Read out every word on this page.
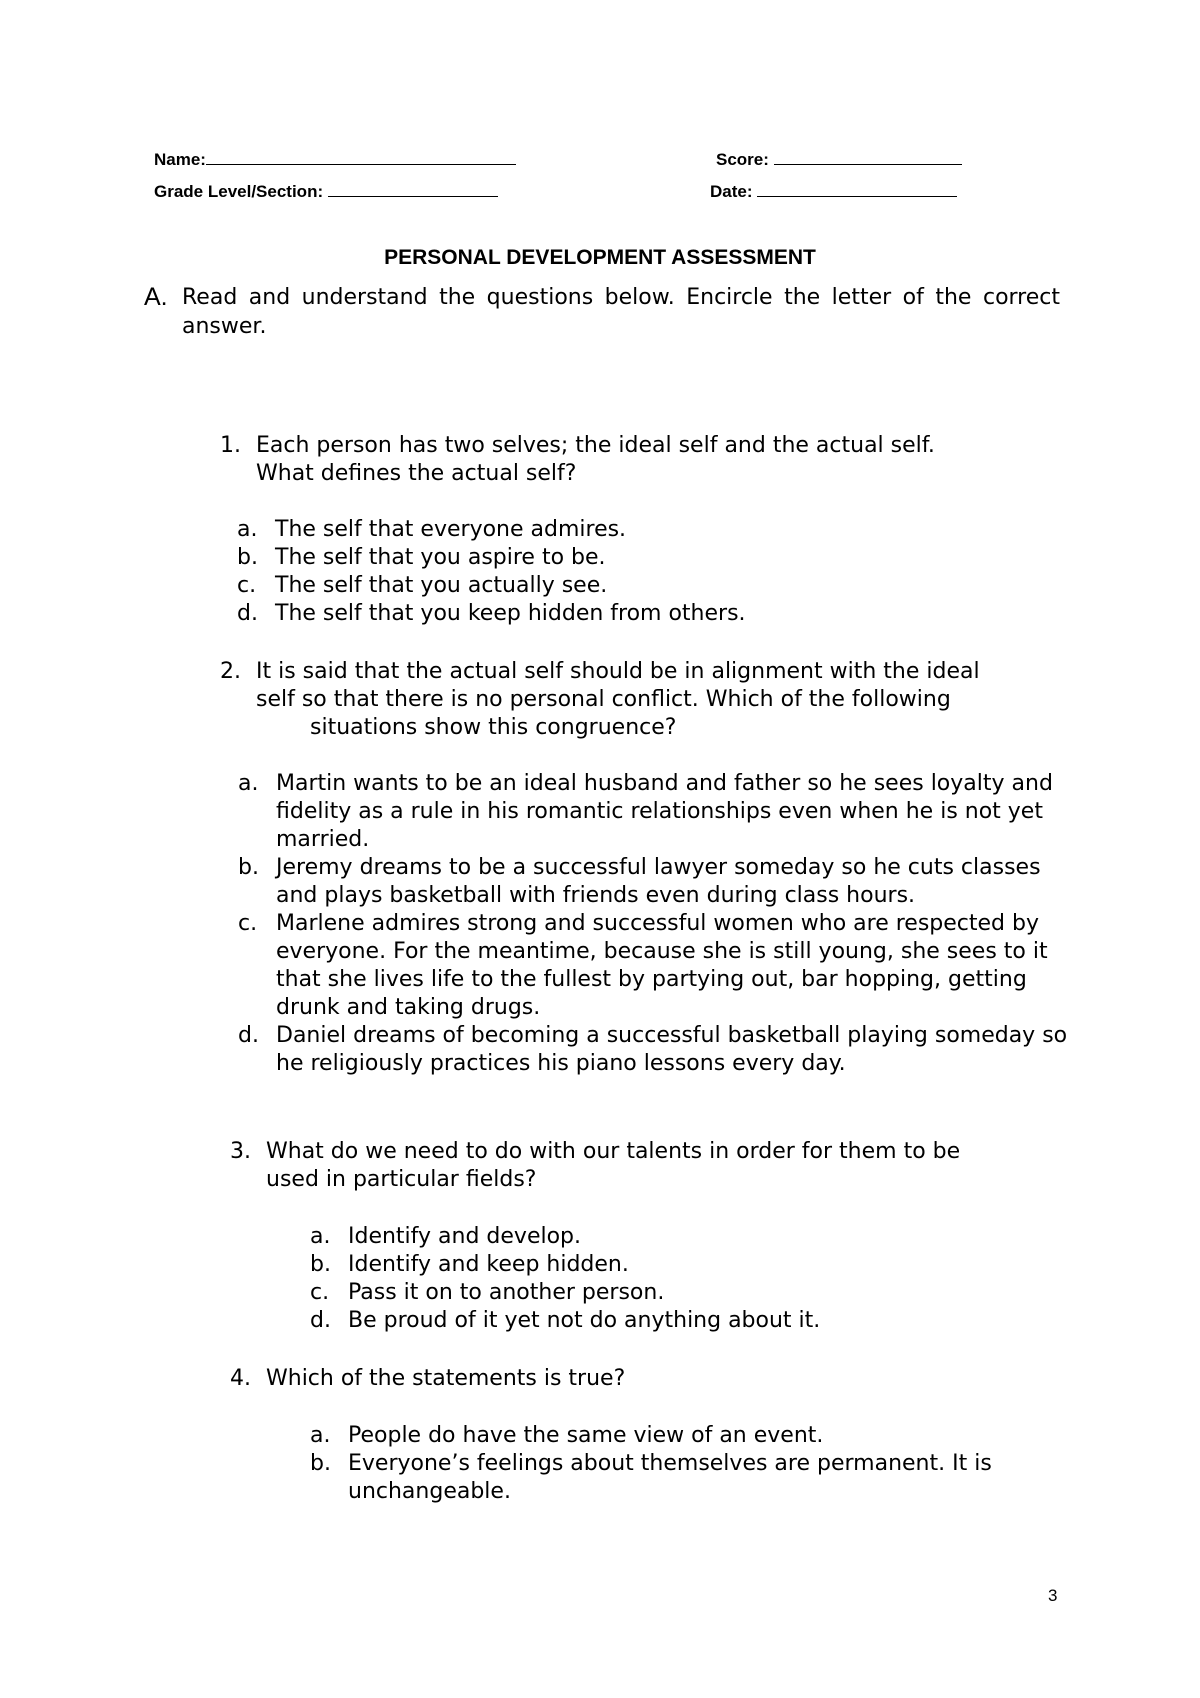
Name:	Score:
Grade Level/Section:	Date:
PERSONAL DEVELOPMENT ASSESSMENT
A. Read and understand the questions below. Encircle the letter of the correct answer.
1. Each person has two selves; the ideal self and the actual self.
What defines the actual self?
a. The self that everyone admires.
b. The self that you aspire to be.
c. The self that you actually see.
d. The self that you keep hidden from others.
2. It is said that the actual self should be in alignment with the ideal
self so that there is no personal conflict. Which of the following
situations show this congruence?
a. Martin wants to be an ideal husband and father so he sees loyalty and fidelity as a rule in his romantic relationships even when he is not yet married.
b. Jeremy dreams to be a successful lawyer someday so he cuts classes and plays basketball with friends even during class hours.
c. Marlene admires strong and successful women who are respected by everyone. For the meantime, because she is still young, she sees to it that she lives life to the fullest by partying out, bar hopping, getting drunk and taking drugs.
d. Daniel dreams of becoming a successful basketball playing someday so he religiously practices his piano lessons every day.
3. What do we need to do with our talents in order for them to be
used in particular fields?
a. Identify and develop.
b. Identify and keep hidden.
c. Pass it on to another person.
d. Be proud of it yet not do anything about it.
4. Which of the statements is true?
a. People do have the same view of an event.
b. Everyone’s feelings about themselves are permanent. It is unchangeable.
3
